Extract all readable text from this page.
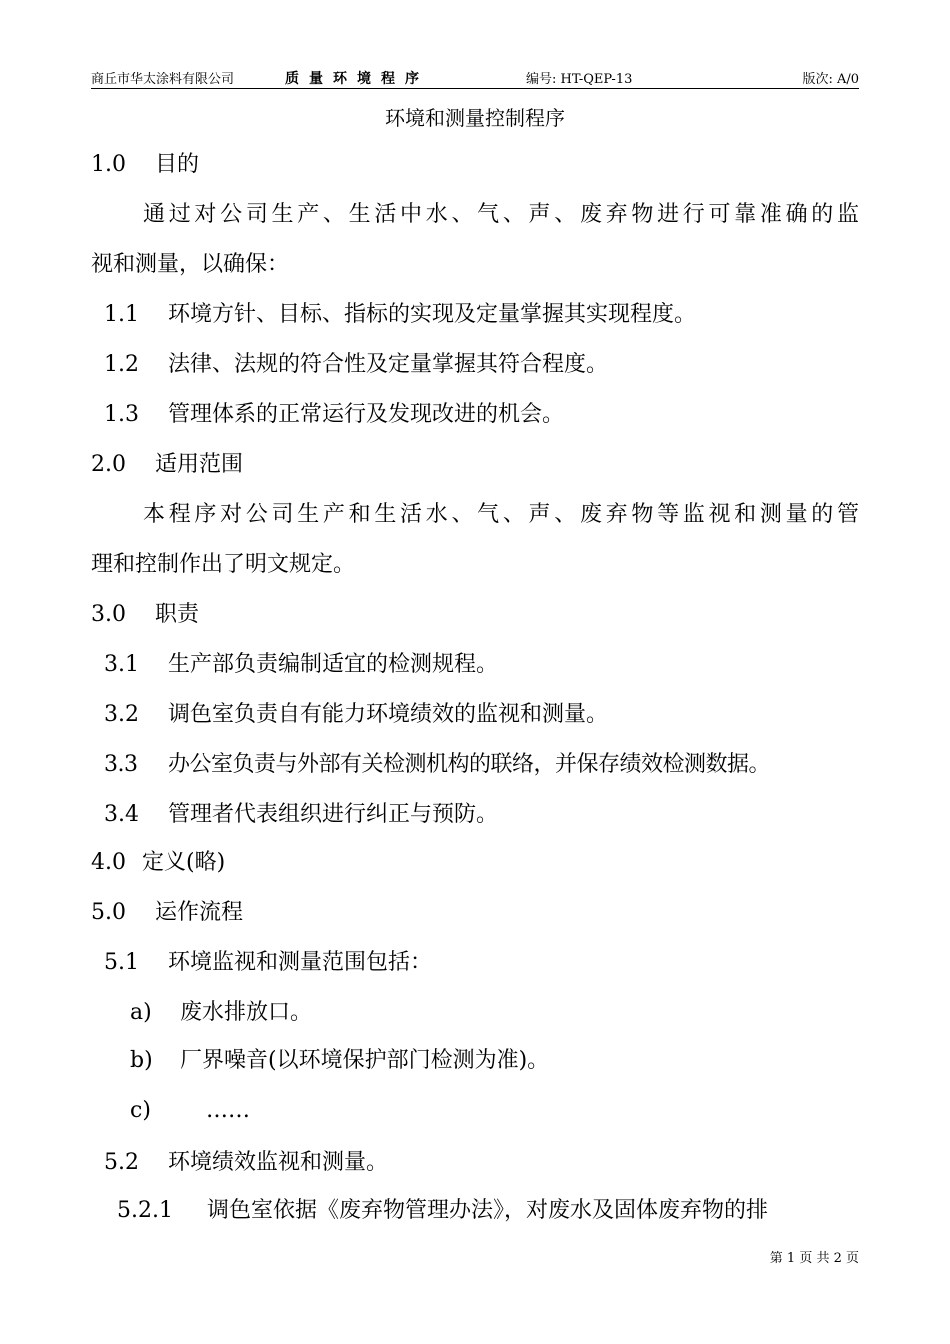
商丘市华太涂料有限公司	质量环境程序	编号: HT-QEP-13	版次: A/0
环境和测量控制程序
1.0 目的
通过对公司生产、生活中水、气、声、废弃物进行可靠准确的监
视和测量，以确保：
1.1 环境方针、目标、指标的实现及定量掌握其实现程度。
1.2 法律、法规的符合性及定量掌握其符合程度。
1.3 管理体系的正常运行及发现改进的机会。
2.0 适用范围
本程序对公司生产和生活水、气、声、废弃物等监视和测量的管
理和控制作出了明文规定。
3.0 职责
3.1 生产部负责编制适宜的检测规程。
3.2 调色室负责自有能力环境绩效的监视和测量。
3.3 办公室负责与外部有关检测机构的联络，并保存绩效检测数据。
3.4 管理者代表组织进行纠正与预防。
4.0 定义(略)
5.0 运作流程
5.1 环境监视和测量范围包括：
a) 废水排放口。
b) 厂界噪音(以环境保护部门检测为准)。
c)	……
5.2 环境绩效监视和测量。
5.2.1 调色室依据《废弃物管理办法》，对废水及固体废弃物的排
第 1 页 共 2 页
